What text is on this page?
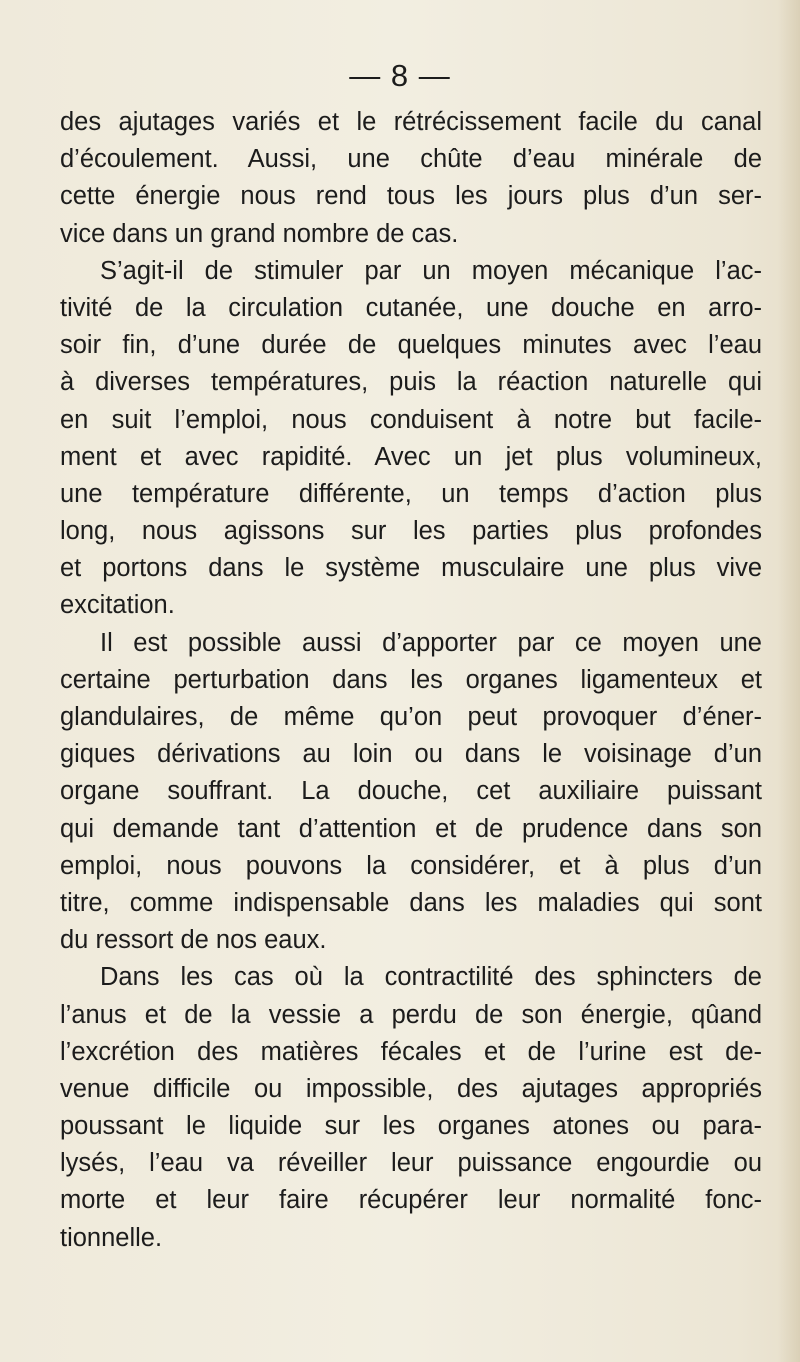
— 8 —
des ajutages variés et le rétrécissement facile du canal
d’écoulement. Aussi, une chûte d’eau minérale de
cette énergie nous rend tous les jours plus d’un ser-
vice dans un grand nombre de cas.
S’agit-il de stimuler par un moyen mécanique l’ac-
tivité de la circulation cutanée, une douche en arro-
soir fin, d’une durée de quelques minutes avec l’eau
à diverses températures, puis la réaction naturelle qui
en suit l’emploi, nous conduisent à notre but facile-
ment et avec rapidité. Avec un jet plus volumineux,
une température différente, un temps d’action plus
long, nous agissons sur les parties plus profondes
et portons dans le système musculaire une plus vive
excitation.
Il est possible aussi d’apporter par ce moyen une
certaine perturbation dans les organes ligamenteux et
glandulaires, de même qu’on peut provoquer d’éner-
giques dérivations au loin ou dans le voisinage d’un
organe souffrant. La douche, cet auxiliaire puissant
qui demande tant d’attention et de prudence dans son
emploi, nous pouvons la considérer, et à plus d’un
titre, comme indispensable dans les maladies qui sont
du ressort de nos eaux.
Dans les cas où la contractilité des sphincters de
l’anus et de la vessie a perdu de son énergie, qûand
l’excrétion des matières fécales et de l’urine est de-
venue difficile ou impossible, des ajutages appropriés
poussant le liquide sur les organes atones ou para-
lysés, l’eau va réveiller leur puissance engourdie ou
morte et leur faire récupérer leur normalité fonc-
tionnelle.
